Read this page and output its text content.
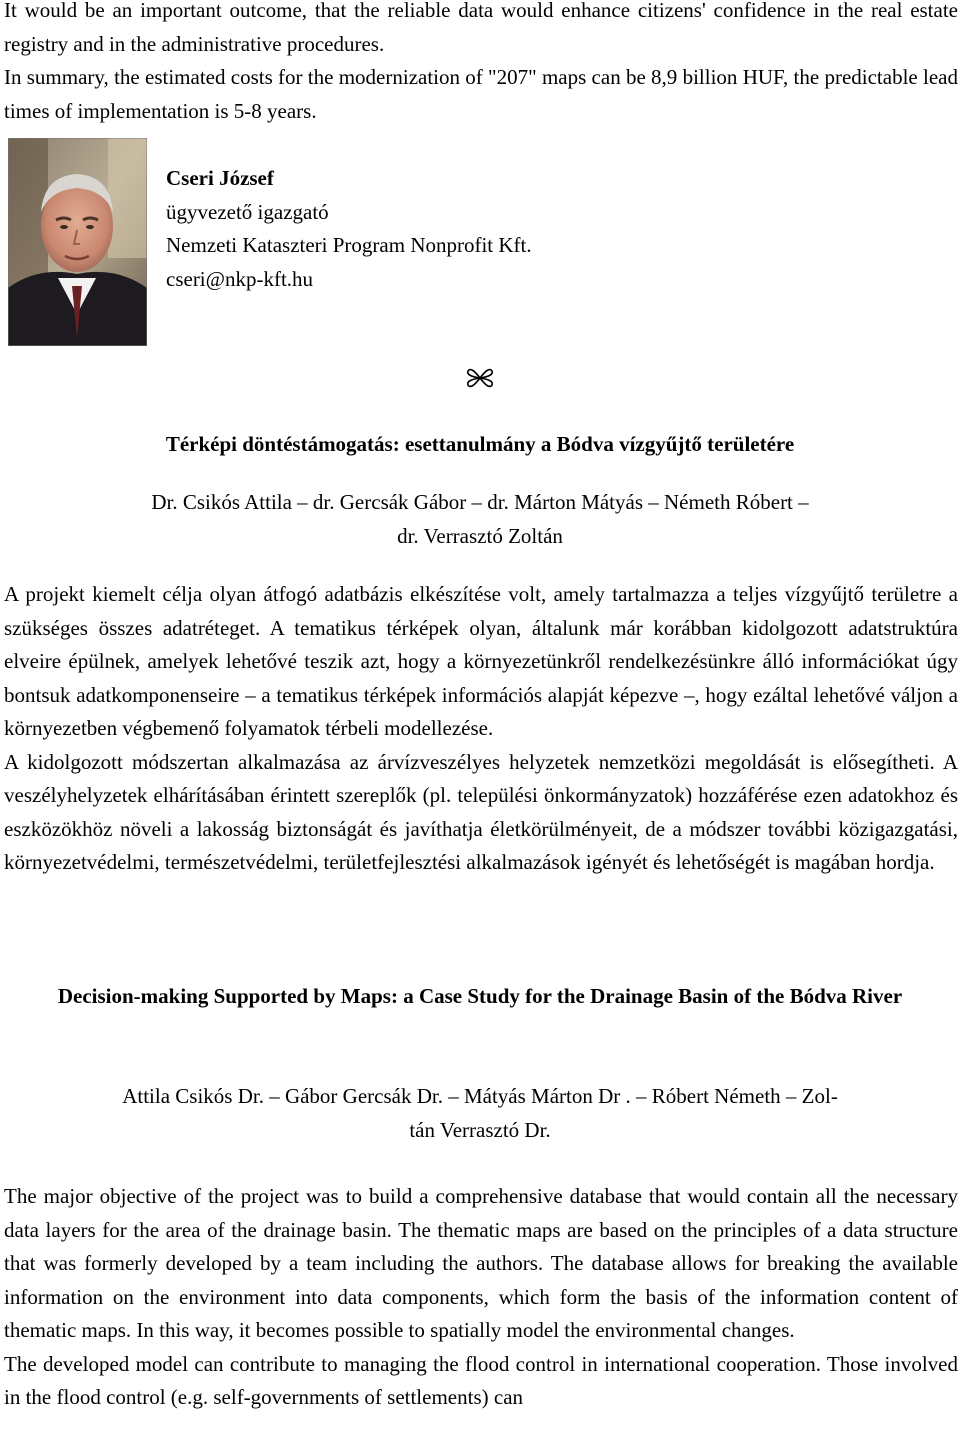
It would be an important outcome, that the reliable data would enhance citizens' confidence in the real estate registry and in the administrative procedures.

In summary, the estimated costs for the modernization of "207" maps can be 8,9 billion HUF, the predictable lead times of implementation is 5-8 years.

Cseri József
ügyvezető igazgató
Nemzeti Kataszteri Program Nonprofit Kft.
cseri@nkp-kft.hu
Térképi döntéstámogatás: esettanulmány a Bódva vízgyűjtő területére
Dr. Csikós Attila – dr. Gercsák Gábor – dr. Márton Mátyás – Németh Róbert –
dr. Verrasztó Zoltán

A projekt kiemelt célja olyan átfogó adatbázis elkészítése volt, amely tartalmazza a teljes vízgyűjtő területre a szükséges összes adatréteget. A tematikus térképek olyan, általunk már korábban kidolgozott adatstruktúra elveire épülnek, amelyek lehetővé teszik azt, hogy a környezetünkről rendelkezésünkre álló információkat úgy bontsuk adatkomponenseire – a tematikus térképek információs alapját képezve –, hogy ezáltal lehetővé váljon a környezetben végbemenő folyamatok térbeli modellezése.

A kidolgozott módszertan alkalmazása az árvízveszélyes helyzetek nemzetközi megoldását is elősegítheti. A veszélyhelyzetek elhárításában érintett szereplők (pl. települési önkormányzatok) hozzáférése ezen adatokhoz és eszközökhöz növeli a lakosság biztonságát és javíthatja életkörülményeit, de a módszer további közigazgatási, környezetvédelmi, természetvédelmi, területfejlesztési alkalmazások igényét és lehetőségét is magában hordja.

Decision-making Supported by Maps: a Case Study for the Drainage Basin of the Bódva River
Attila Csikós Dr. – Gábor Gercsák Dr. – Mátyás Márton Dr . – Róbert Németh – Zol-
tán Verrasztó Dr.

The major objective of the project was to build a comprehensive database that would contain all the necessary data layers for the area of the drainage basin. The thematic maps are based on the principles of a data structure that was formerly developed by a team including the authors. The database allows for breaking the available information on the environment into data components, which form the basis of the information content of thematic maps. In this way, it becomes possible to spatially model the environmental changes.

The developed model can contribute to managing the flood control in international cooperation. Those involved in the flood control (e.g. self-governments of settlements) can
